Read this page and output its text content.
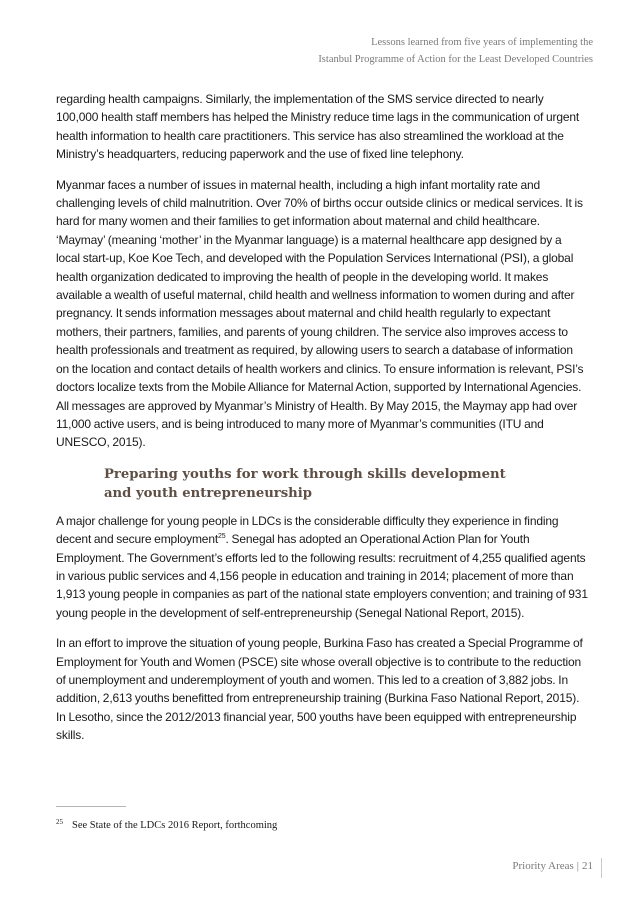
Lessons learned from five years of implementing the
Istanbul Programme of Action for the Least Developed Countries

regarding health campaigns. Similarly, the implementation of the SMS service directed to nearly 100,000 health staff members has helped the Ministry reduce time lags in the communication of urgent health information to health care practitioners. This service has also streamlined the workload at the Ministry’s headquarters, reducing paperwork and the use of fixed line telephony.

Myanmar faces a number of issues in maternal health, including a high infant mortality rate and challenging levels of child malnutrition. Over 70% of births occur outside clinics or medical services. It is hard for many women and their families to get information about maternal and child healthcare. ‘Maymay’ (meaning ‘mother’ in the Myanmar language) is a maternal healthcare app designed by a local start-up, Koe Koe Tech, and developed with the Population Services International (PSI), a global health organization dedicated to improving the health of people in the developing world. It makes available a wealth of useful maternal, child health and wellness information to women during and after pregnancy. It sends information messages about maternal and child health regularly to expectant mothers, their partners, families, and parents of young children. The service also improves access to health professionals and treatment as required, by allowing users to search a database of information on the location and contact details of health workers and clinics. To ensure information is relevant, PSI’s doctors localize texts from the Mobile Alliance for Maternal Action, supported by International Agencies. All messages are approved by Myanmar’s Ministry of Health. By May 2015, the Maymay app had over 11,000 active users, and is being introduced to many more of Myanmar’s communities (ITU and UNESCO, 2015).

Preparing youths for work through skills development
and youth entrepreneurship

A major challenge for young people in LDCs is the considerable difficulty they experience in finding decent and secure employment$^{25}$. Senegal has adopted an Operational Action Plan for Youth Employment. The Government’s efforts led to the following results: recruitment of 4,255 qualified agents in various public services and 4,156 people in education and training in 2014; placement of more than 1,913 young people in companies as part of the national state employers convention; and training of 931 young people in the development of self-entrepreneurship (Senegal National Report, 2015).

In an effort to improve the situation of young people, Burkina Faso has created a Special Programme of Employment for Youth and Women (PSCE) site whose overall objective is to contribute to the reduction of unemployment and underemployment of youth and women. This led to a creation of 3,882 jobs. In addition, 2,613 youths benefitted from entrepreneurship training (Burkina Faso National Report, 2015). In Lesotho, since the 2012/2013 financial year, 500 youths have been equipped with entrepreneurship skills.

$^{25}$ See State of the LDCs 2016 Report, forthcoming
Priority Areas | 21
